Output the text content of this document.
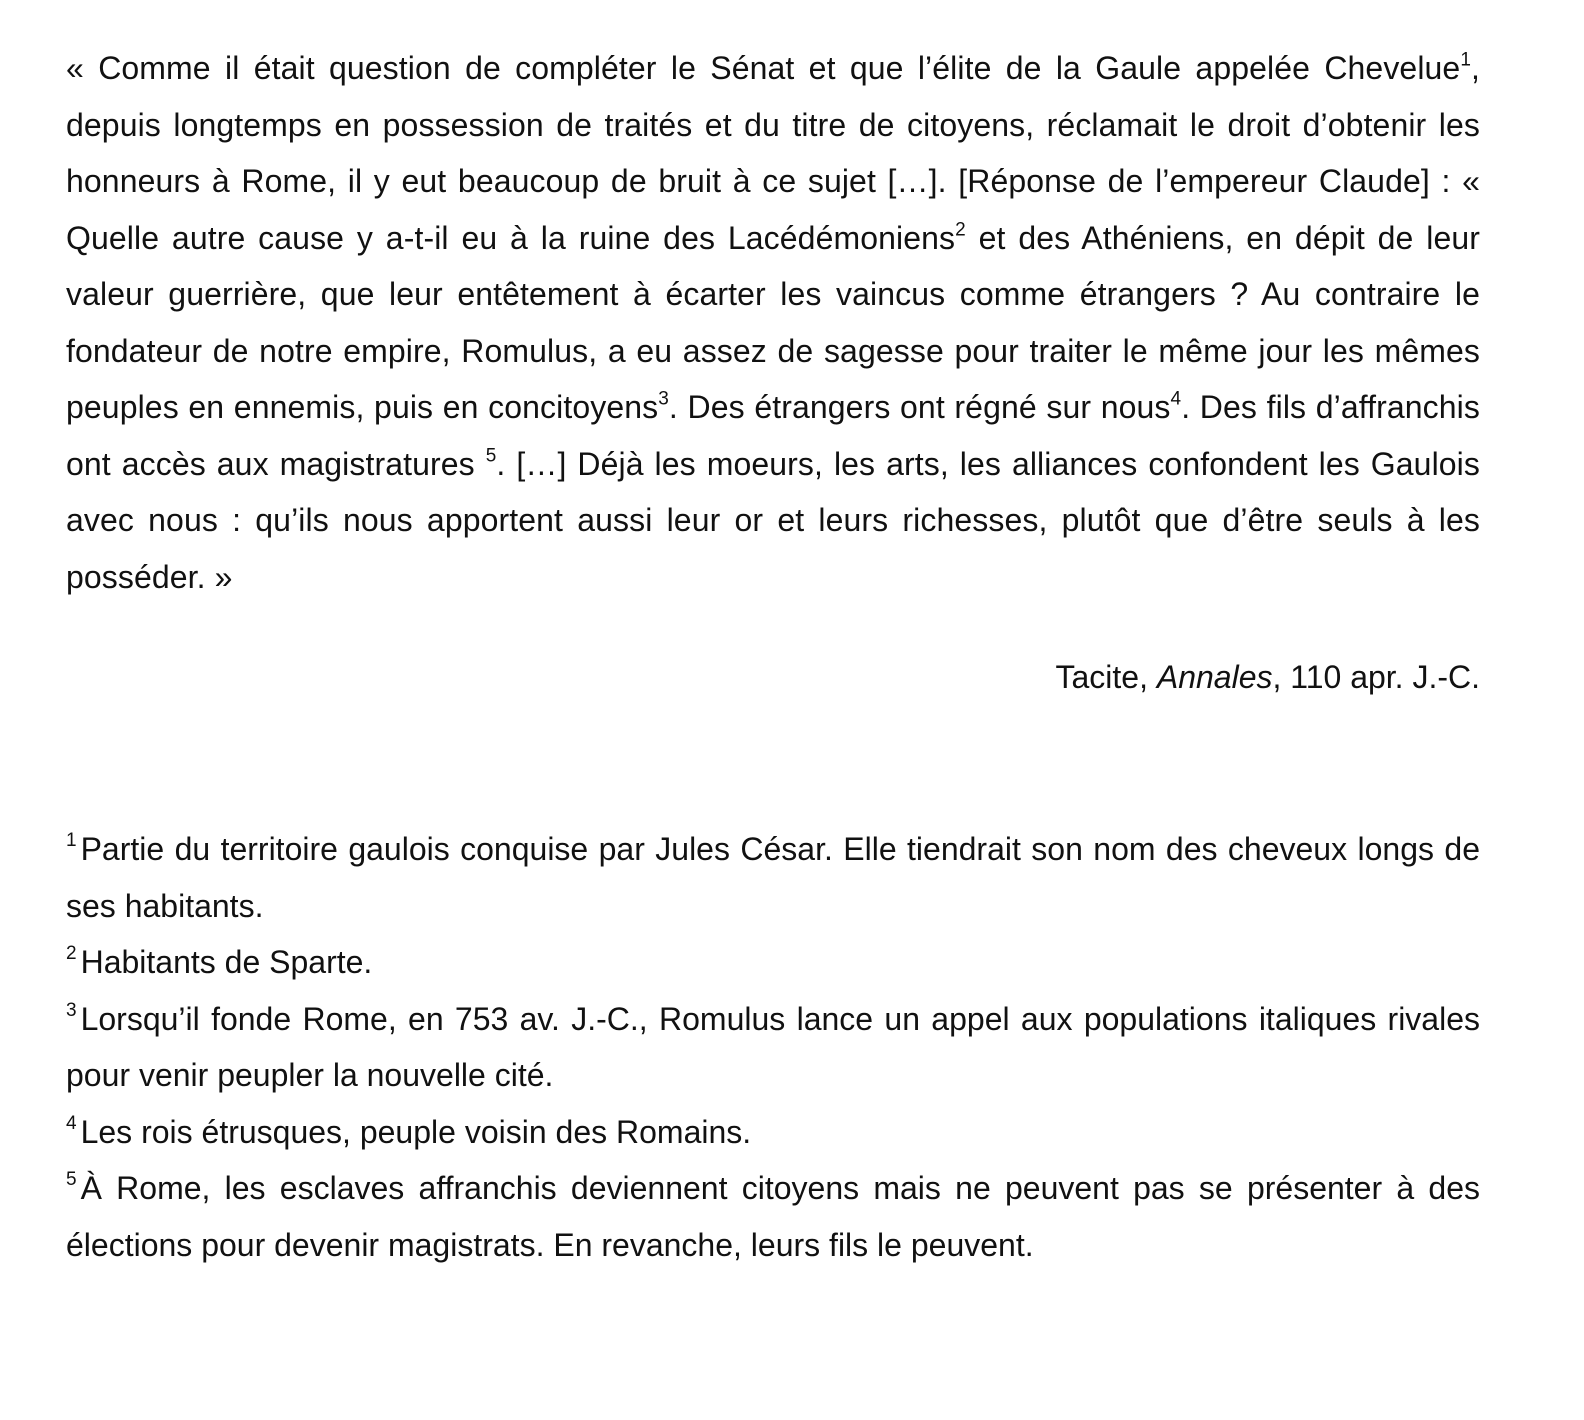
« Comme il était question de compléter le Sénat et que l’élite de la Gaule appelée Chevelue$^1$, depuis longtemps en possession de traités et du titre de citoyens, réclamait le droit d’obtenir les honneurs à Rome, il y eut beaucoup de bruit à ce sujet […]. [Réponse de l’empereur Claude] : « Quelle autre cause y a-t-il eu à la ruine des Lacédémoniens$^2$ et des Athéniens, en dépit de leur valeur guerrière, que leur entêtement à écarter les vaincus comme étrangers ? Au contraire le fondateur de notre empire, Romulus, a eu assez de sagesse pour traiter le même jour les mêmes peuples en ennemis, puis en concitoyens$^3$. Des étrangers ont régné sur nous$^4$. Des fils d’affranchis ont accès aux magistratures $^5$. […] Déjà les moeurs, les arts, les alliances confondent les Gaulois avec nous : qu’ils nous apportent aussi leur or et leurs richesses, plutôt que d’être seuls à les posséder. »

Tacite, Annales, 110 apr. J.-C.

$^1$ Partie du territoire gaulois conquise par Jules César. Elle tiendrait son nom des cheveux longs de ses habitants.
$^2$ Habitants de Sparte.
$^3$ Lorsqu’il fonde Rome, en 753 av. J.-C., Romulus lance un appel aux populations italiques rivales pour venir peupler la nouvelle cité.
$^4$ Les rois étrusques, peuple voisin des Romains.
$^5$ À Rome, les esclaves affranchis deviennent citoyens mais ne peuvent pas se présenter à des élections pour devenir magistrats. En revanche, leurs fils le peuvent.
